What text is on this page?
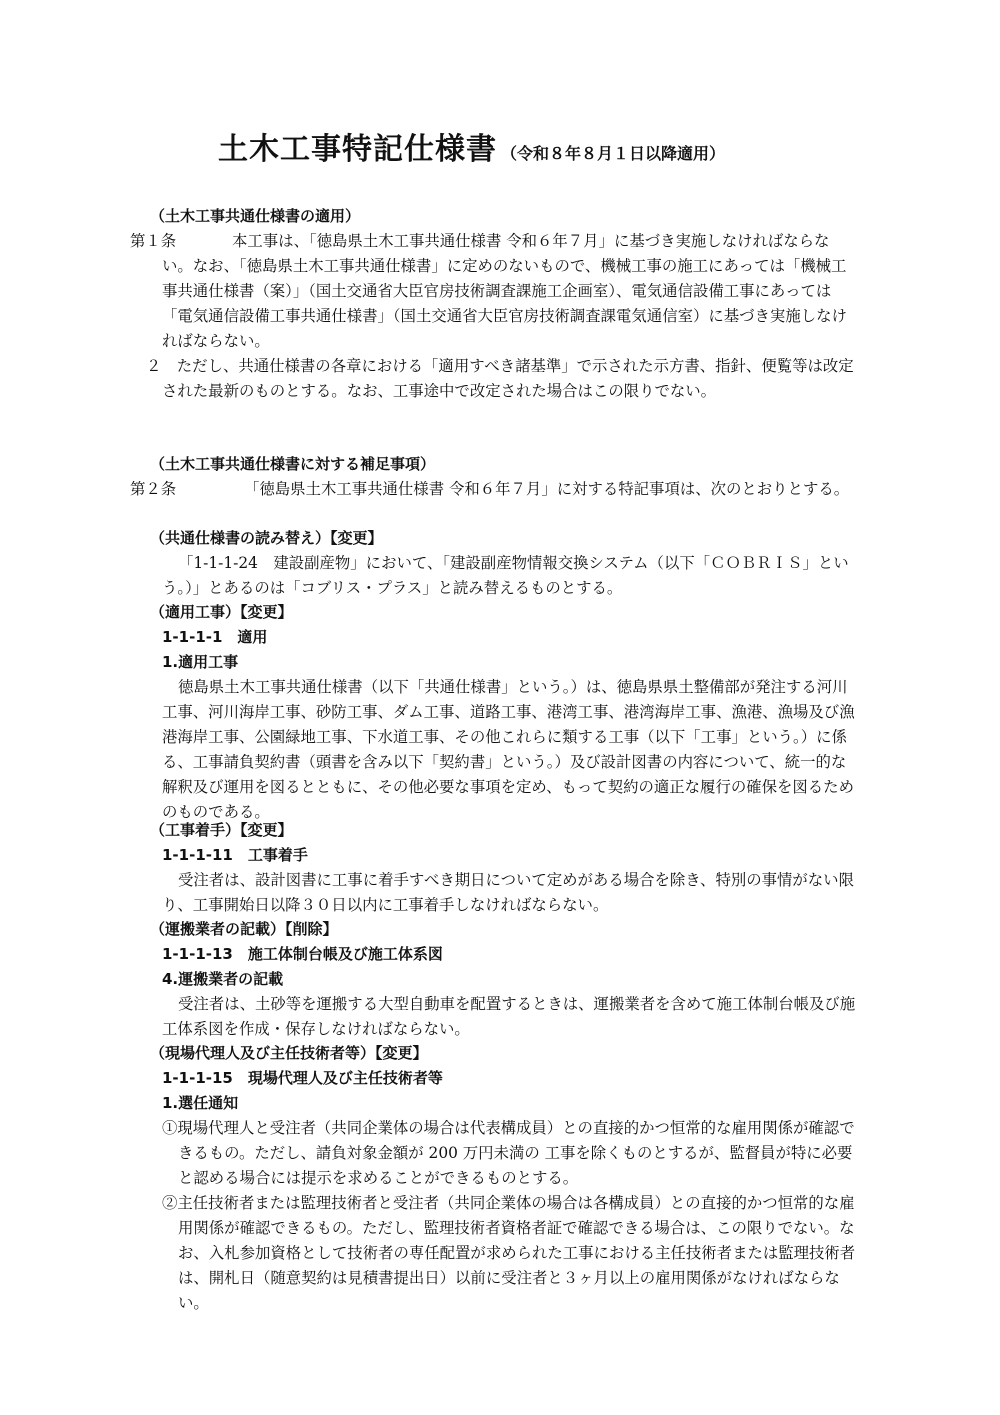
土木工事特記仕様書 （令和８年８月１日以降適用）
（土木工事共通仕様書の適用）

第１条	本工事は、「徳島県土木工事共通仕様書 令和６年７月」に基づき実施しなければならない。なお、「徳島県土木工事共通仕様書」に定めのないもので、機械工事の施工にあっては「機械工事共通仕様書（案）」（国土交通省大臣官房技術調査課施工企画室）、電気通信設備工事にあっては「電気通信設備工事共通仕様書」（国土交通省大臣官房技術調査課電気通信室）に基づき実施しなければならない。

２　ただし、共通仕様書の各章における「適用すべき諸基準」で示された示方書、指針、便覧等は改定された最新のものとする。なお、工事途中で改定された場合はこの限りでない。

（土木工事共通仕様書に対する補足事項）

第２条	「徳島県土木工事共通仕様書 令和６年７月」に対する特記事項は、次のとおりとする。

（共通仕様書の読み替え）【変更】

「1-1-1-24　建設副産物」において、「建設副産物情報交換システム（以下「ＣＯＢＲＩＳ」という。）」とあるのは「コブリス・プラス」と読み替えるものとする。

（適用工事）【変更】
1-1-1-1　適用
1.適用工事

徳島県土木工事共通仕様書（以下「共通仕様書」という。）は、徳島県県土整備部が発注する河川工事、河川海岸工事、砂防工事、ダム工事、道路工事、港湾工事、港湾海岸工事、漁港、漁場及び漁港海岸工事、公園緑地工事、下水道工事、その他これらに類する工事（以下「工事」という。）に係る、工事請負契約書（頭書を含み以下「契約書」という。）及び設計図書の内容について、統一的な解釈及び運用を図るとともに、その他必要な事項を定め、もって契約の適正な履行の確保を図るためのものである。

（工事着手）【変更】
1-1-1-11　工事着手

受注者は、設計図書に工事に着手すべき期日について定めがある場合を除き、特別の事情がない限り、工事開始日以降３０日以内に工事着手しなければならない。

（運搬業者の記載）【削除】
1-1-1-13　施工体制台帳及び施工体系図
4.運搬業者の記載

受注者は、土砂等を運搬する大型自動車を配置するときは、運搬業者を含めて施工体制台帳及び施工体系図を作成・保存しなければならない。

（現場代理人及び主任技術者等）【変更】
1-1-1-15　現場代理人及び主任技術者等
1.選任通知

①現場代理人と受注者（共同企業体の場合は代表構成員）との直接的かつ恒常的な雇用関係が確認できるもの。ただし、請負対象金額が 200 万円未満の 工事を除くものとするが、監督員が特に必要と認める場合には提示を求めることができるものとする。

②主任技術者または監理技術者と受注者（共同企業体の場合は各構成員）との直接的かつ恒常的な雇用関係が確認できるもの。ただし、監理技術者資格者証で確認できる場合は、この限りでない。なお、入札参加資格として技術者の専任配置が求められた工事における主任技術者または監理技術者は、開札日（随意契約は見積書提出日）以前に受注者と３ヶ月以上の雇用関係がなければならない。
